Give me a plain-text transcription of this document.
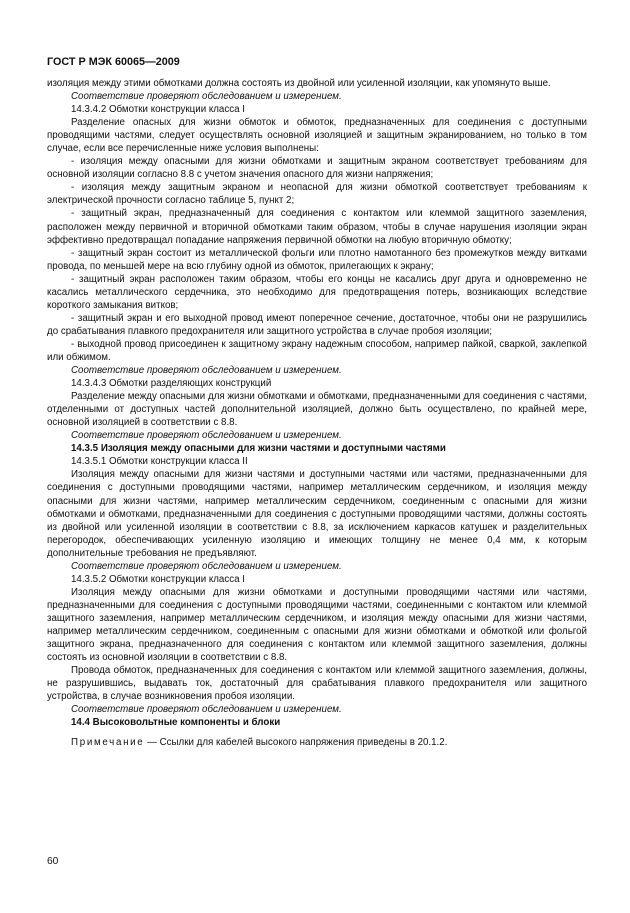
ГОСТ Р МЭК 60065—2009

изоляция между этими обмотками должна состоять из двойной или усиленной изоляции, как упомянуто выше.

Соответствие проверяют обследованием и измерением.

14.3.4.2 Обмотки конструкции класса I

Разделение опасных для жизни обмоток и обмоток, предназначенных для соединения с доступными проводящими частями, следует осуществлять основной изоляцией и защитным экранированием, но только в том случае, если все перечисленные ниже условия выполнены:

- изоляция между опасными для жизни обмотками и защитным экраном соответствует требованиям для основной изоляции согласно 8.8 с учетом значения опасного для жизни напряжения;

- изоляция между защитным экраном и неопасной для жизни обмоткой соответствует требованиям к электрической прочности согласно таблице 5, пункт 2;

- защитный экран, предназначенный для соединения с контактом или клеммой защитного заземления, расположен между первичной и вторичной обмотками таким образом, чтобы в случае нарушения изоляции экран эффективно предотвращал попадание напряжения первичной обмотки на любую вторичную обмотку;

- защитный экран состоит из металлической фольги или плотно намотанного без промежутков между витками провода, по меньшей мере на всю глубину одной из обмоток, прилегающих к экрану;

- защитный экран расположен таким образом, чтобы его концы не касались друг друга и одновременно не касались металлического сердечника, это необходимо для предотвращения потерь, возникающих вследствие короткого замыкания витков;

- защитный экран и его выходной провод имеют поперечное сечение, достаточное, чтобы они не разрушились до срабатывания плавкого предохранителя или защитного устройства в случае пробоя изоляции;

- выходной провод присоединен к защитному экрану надежным способом, например пайкой, сваркой, заклепкой или обжимом.

Соответствие проверяют обследованием и измерением.

14.3.4.3 Обмотки разделяющих конструкций

Разделение между опасными для жизни обмотками и обмотками, предназначенными для соединения с частями, отделенными от доступных частей дополнительной изоляцией, должно быть осуществлено, по крайней мере, основной изоляцией в соответствии с 8.8.

Соответствие проверяют обследованием и измерением.

14.3.5 Изоляция между опасными для жизни частями и доступными частями

14.3.5.1 Обмотки конструкции класса II

Изоляция между опасными для жизни частями и доступными частями или частями, предназначенными для соединения с доступными проводящими частями, например металлическим сердечником, и изоляция между опасными для жизни частями, например металлическим сердечником, соединенным с опасными для жизни обмотками и обмотками, предназначенными для соединения с доступными проводящими частями, должны состоять из двойной или усиленной изоляции в соответствии с 8.8, за исключением каркасов катушек и разделительных перегородок, обеспечивающих усиленную изоляцию и имеющих толщину не менее 0,4 мм, к которым дополнительные требования не предъявляют.

Соответствие проверяют обследованием и измерением.

14.3.5.2 Обмотки конструкции класса I

Изоляция между опасными для жизни обмотками и доступными проводящими частями или частями, предназначенными для соединения с доступными проводящими частями, соединенными с контактом или клеммой защитного заземления, например металлическим сердечником, и изоляция между опасными для жизни частями, например металлическим сердечником, соединенным с опасными для жизни обмотками и обмоткой или фольгой защитного экрана, предназначенного для соединения с контактом или клеммой защитного заземления, должны состоять из основной изоляции в соответствии с 8.8.

Провода обмоток, предназначенных для соединения с контактом или клеммой защитного заземления, должны, не разрушившись, выдавать ток, достаточный для срабатывания плавкого предохранителя или защитного устройства, в случае возникновения пробоя изоляции.

Соответствие проверяют обследованием и измерением.

14.4 Высоковольтные компоненты и блоки

Примечание — Ссылки для кабелей высокого напряжения приведены в 20.1.2.

60
